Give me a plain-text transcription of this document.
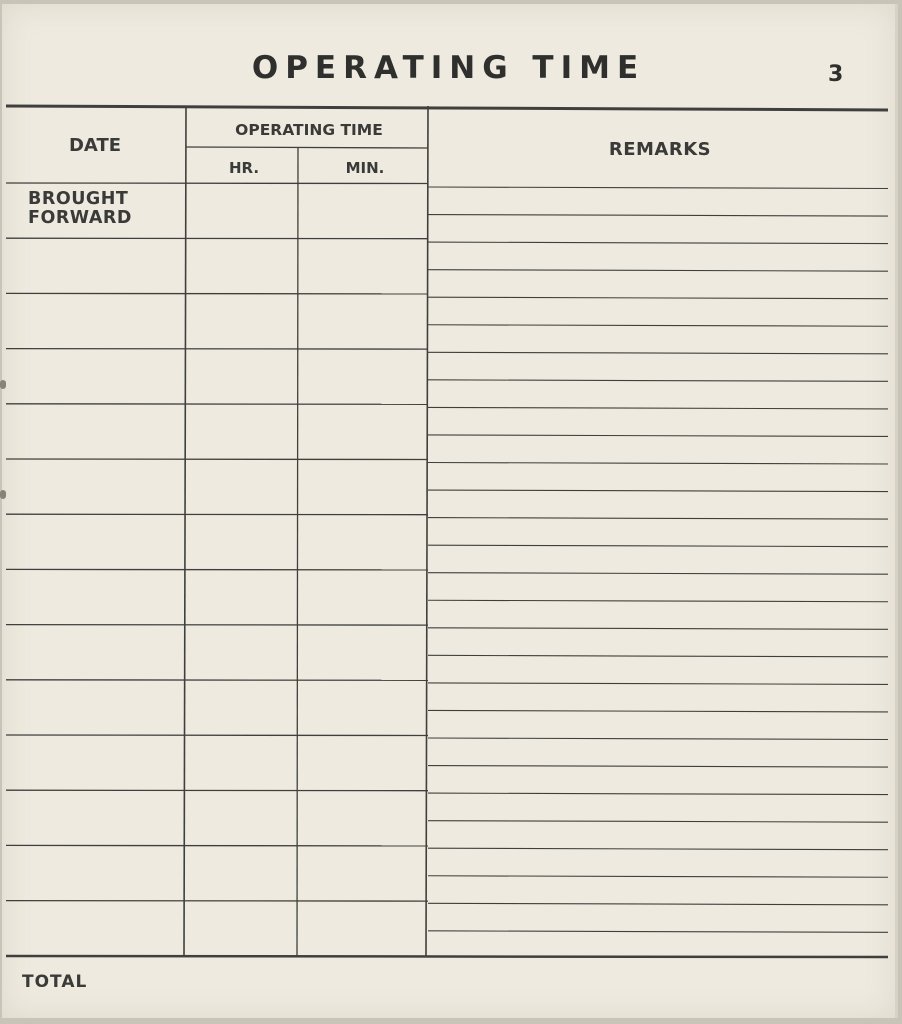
OPERATING TIME	3
DATE
OPERATING TIME
HR.	MIN.
REMARKS
BROUGHT
FORWARD
TOTAL
